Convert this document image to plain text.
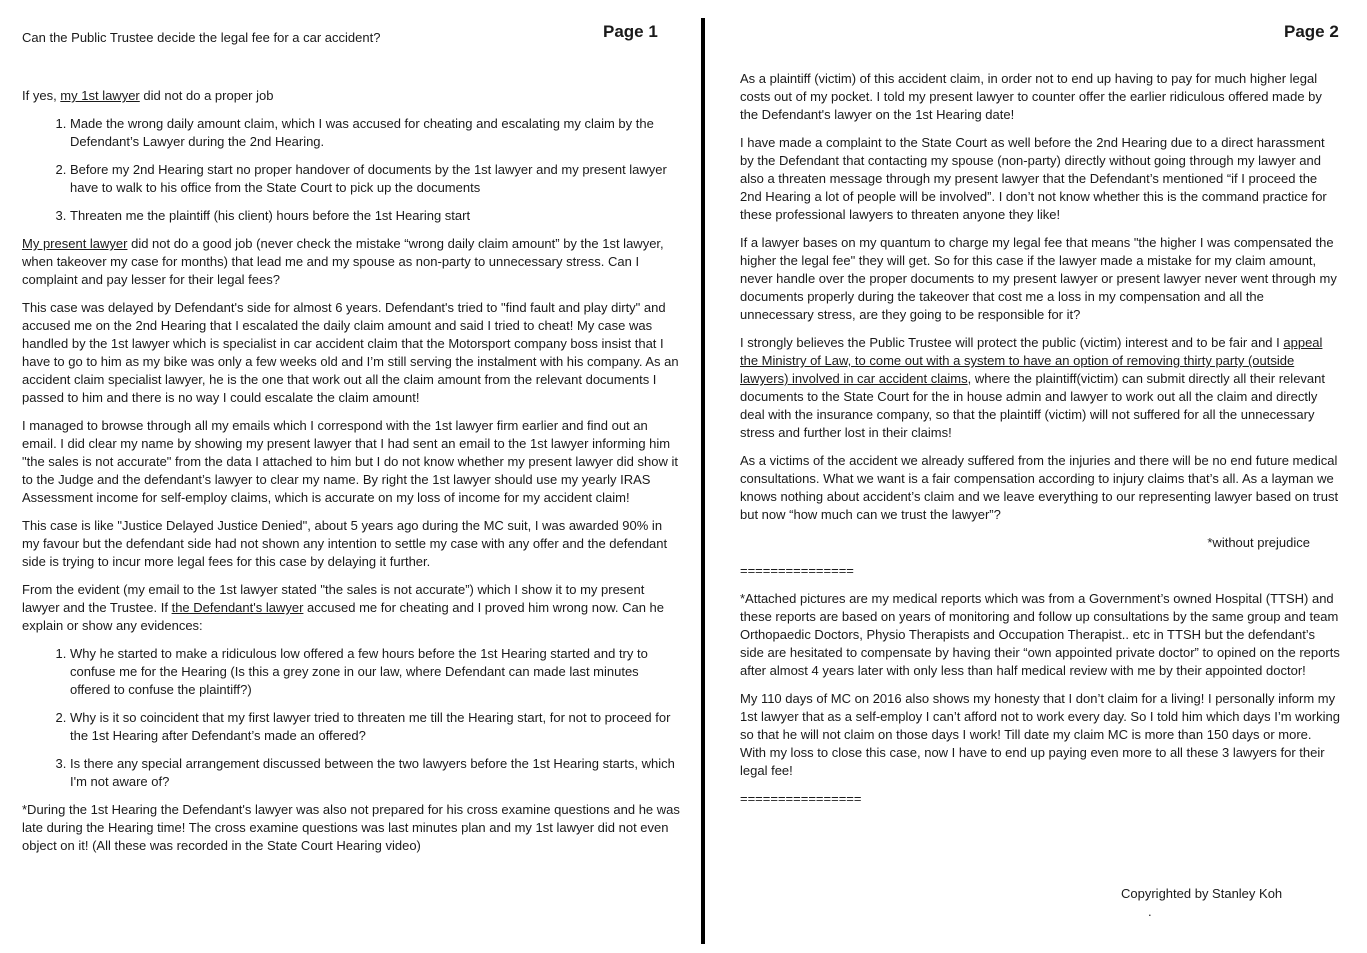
Page 1	Page 2
Can the Public Trustee decide the legal fee for a car accident?

If yes, my 1st lawyer did not do a proper job

1. Made the wrong daily amount claim, which I was accused for cheating and escalating my claim by the Defendant’s Lawyer during the 2nd Hearing.
2. Before my 2nd Hearing start no proper handover of documents by the 1st lawyer and my present lawyer have to walk to his office from the State Court to pick up the documents
3. Threaten me the plaintiff (his client) hours before the 1st Hearing start

My present lawyer did not do a good job (never check the mistake “wrong daily claim amount” by the 1st lawyer, when takeover my case for months) that lead me and my spouse as non-party to unnecessary stress. Can I complaint and pay lesser for their legal fees?

This case was delayed by Defendant's side for almost 6 years. Defendant's tried to "find fault and play dirty" and accused me on the 2nd Hearing that I escalated the daily claim amount and said I tried to cheat! My case was handled by the 1st lawyer which is specialist in car accident claim that the Motorsport company boss insist that I have to go to him as my bike was only a few weeks old and I’m still serving the instalment with his company. As an accident claim specialist lawyer, he is the one that work out all the claim amount from the relevant documents I passed to him and there is no way I could escalate the claim amount!

I managed to browse through all my emails which I correspond with the 1st lawyer firm earlier and find out an email. I did clear my name by showing my present lawyer that I had sent an email to the 1st lawyer informing him "the sales is not accurate" from the data I attached to him but I do not know whether my present lawyer did show it to the Judge and the defendant’s lawyer to clear my name. By right the 1st lawyer should use my yearly IRAS Assessment income for self-employ claims, which is accurate on my loss of income for my accident claim!

This case is like "Justice Delayed Justice Denied", about 5 years ago during the MC suit, I was awarded 90% in my favour but the defendant side had not shown any intention to settle my case with any offer and the defendant side is trying to incur more legal fees for this case by delaying it further.

From the evident (my email to the 1st lawyer stated "the sales is not accurate”) which I show it to my present lawyer and the Trustee. If the Defendant's lawyer accused me for cheating and I proved him wrong now. Can he explain or show any evidences:

1. Why he started to make a ridiculous low offered a few hours before the 1st Hearing started and try to confuse me for the Hearing (Is this a grey zone in our law, where Defendant can made last minutes offered to confuse the plaintiff?)
2. Why is it so coincident that my first lawyer tried to threaten me till the Hearing start, for not to proceed for the 1st Hearing after Defendant’s made an offered?
3. Is there any special arrangement discussed between the two lawyers before the 1st Hearing starts, which I'm not aware of?

*During the 1st Hearing the Defendant's lawyer was also not prepared for his cross examine questions and he was late during the Hearing time! The cross examine questions was last minutes plan and my 1st lawyer did not even object on it! (All these was recorded in the State Court Hearing video)

As a plaintiff (victim) of this accident claim, in order not to end up having to pay for much higher legal costs out of my pocket. I told my present lawyer to counter offer the earlier ridiculous offered made by the Defendant's lawyer on the 1st Hearing date!

I have made a complaint to the State Court as well before the 2nd Hearing due to a direct harassment by the Defendant that contacting my spouse (non-party) directly without going through my lawyer and also a threaten message through my present lawyer that the Defendant’s mentioned “if I proceed the 2nd Hearing a lot of people will be involved”. I don’t not know whether this is the command practice for these professional lawyers to threaten anyone they like!

If a lawyer bases on my quantum to charge my legal fee that means "the higher I was compensated the higher the legal fee" they will get. So for this case if the lawyer made a mistake for my claim amount, never handle over the proper documents to my present lawyer or present lawyer never went through my documents properly during the takeover that cost me a loss in my compensation and all the unnecessary stress, are they going to be responsible for it?

I strongly believes the Public Trustee will protect the public (victim) interest and to be fair and I appeal the Ministry of Law, to come out with a system to have an option of removing thirty party (outside lawyers) involved in car accident claims, where the plaintiff(victim) can submit directly all their relevant documents to the State Court for the in house admin and lawyer to work out all the claim and directly deal with the insurance company, so that the plaintiff (victim) will not suffered for all the unnecessary stress and further lost in their claims!

As a victims of the accident we already suffered from the injuries and there will be no end future medical consultations. What we want is a fair compensation according to injury claims that’s all. As a layman we knows nothing about accident’s claim and we leave everything to our representing lawyer based on trust but now “how much can we trust the lawyer”?

*without prejudice

===============

*Attached pictures are my medical reports which was from a Government’s owned Hospital (TTSH) and these reports are based on years of monitoring and follow up consultations by the same group and team Orthopaedic Doctors, Physio Therapists and Occupation Therapist.. etc in TTSH but the defendant’s side are hesitated to compensate by having their “own appointed private doctor” to opined on the reports after almost 4 years later with only less than half medical review with me by their appointed doctor!

My 110 days of MC on 2016 also shows my honesty that I don’t claim for a living! I personally inform my 1st lawyer that as a self-employ I can’t afford not to work every day. So I told him which days I’m working so that he will not claim on those days I work! Till date my claim MC is more than 150 days or more. With my loss to close this case, now I have to end up paying even more to all these 3 lawyers for their legal fee!

================

Copyrighted by Stanley Koh
.
